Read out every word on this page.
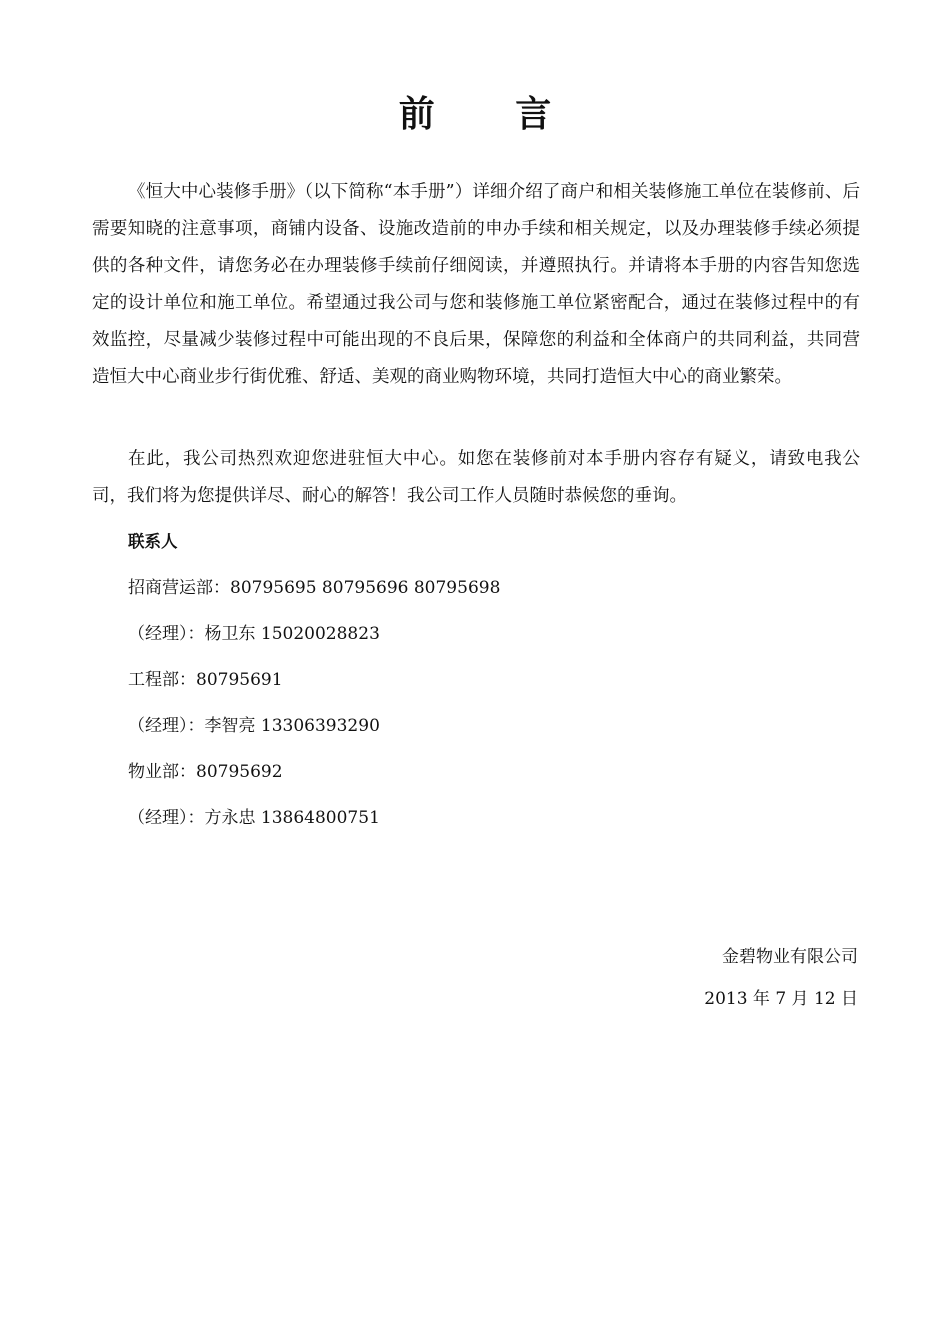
前 言
《恒大中心装修手册》（以下简称“本手册”）详细介绍了商户和相关装修施工单位在装修前、后需要知晓的注意事项，商铺内设备、设施改造前的申办手续和相关规定，以及办理装修手续必须提供的各种文件，请您务必在办理装修手续前仔细阅读，并遵照执行。并请将本手册的内容告知您选定的设计单位和施工单位。希望通过我公司与您和装修施工单位紧密配合，通过在装修过程中的有效监控，尽量减少装修过程中可能出现的不良后果，保障您的利益和全体商户的共同利益，共同营造恒大中心商业步行街优雅、舒适、美观的商业购物环境，共同打造恒大中心的商业繁荣。
在此，我公司热烈欢迎您进驻恒大中心。如您在装修前对本手册内容存有疑义，请致电我公司，我们将为您提供详尽、耐心的解答！我公司工作人员随时恭候您的垂询。
联系人
招商营运部：80795695 80795696 80795698
（经理）：杨卫东 15020028823
工程部：80795691
（经理）：李智亮 13306393290
物业部：80795692
（经理）：方永忠 13864800751
金碧物业有限公司
2013 年 7 月 12 日
